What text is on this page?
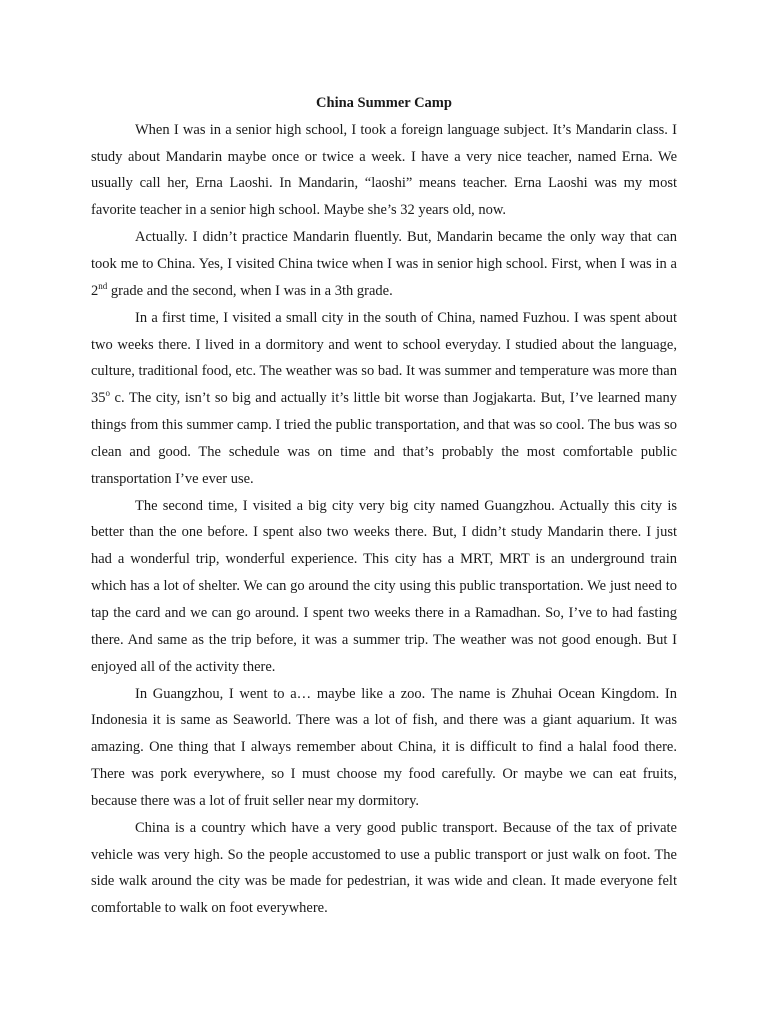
China Summer Camp

When I was in a senior high school, I took a foreign language subject. It’s Mandarin class. I study about Mandarin maybe once or twice a week. I have a very nice teacher, named Erna. We usually call her, Erna Laoshi. In Mandarin, “laoshi” means teacher. Erna Laoshi was my most favorite teacher in a senior high school. Maybe she’s 32 years old, now.

Actually. I didn’t practice Mandarin fluently. But, Mandarin became the only way that can took me to China. Yes, I visited China twice when I was in senior high school. First, when I was in a 2nd grade and the second, when I was in a 3th grade.

In a first time, I visited a small city in the south of China, named Fuzhou. I was spent about two weeks there. I lived in a dormitory and went to school everyday. I studied about the language, culture, traditional food, etc. The weather was so bad. It was summer and temperature was more than 35$^o$ c. The city, isn’t so big and actually it’s little bit worse than Jogjakarta. But, I’ve learned many things from this summer camp. I tried the public transportation, and that was so cool. The bus was so clean and good. The schedule was on time and that’s probably the most comfortable public transportation I’ve ever use.

The second time, I visited a big city very big city named Guangzhou. Actually this city is better than the one before. I spent also two weeks there. But, I didn’t study Mandarin there. I just had a wonderful trip, wonderful experience. This city has a MRT, MRT is an underground train which has a lot of shelter. We can go around the city using this public transportation. We just need to tap the card and we can go around. I spent two weeks there in a Ramadhan. So, I’ve to had fasting there. And same as the trip before, it was a summer trip. The weather was not good enough. But I enjoyed all of the activity there.

In Guangzhou, I went to a… maybe like a zoo. The name is Zhuhai Ocean Kingdom. In Indonesia it is same as Seaworld. There was a lot of fish, and there was a giant aquarium. It was amazing. One thing that I always remember about China, it is difficult to find a halal food there. There was pork everywhere, so I must choose my food carefully. Or maybe we can eat fruits, because there was a lot of fruit seller near my dormitory.

China is a country which have a very good public transport. Because of the tax of private vehicle was very high. So the people accustomed to use a public transport or just walk on foot. The side walk around the city was be made for pedestrian, it was wide and clean. It made everyone felt comfortable to walk on foot everywhere.
